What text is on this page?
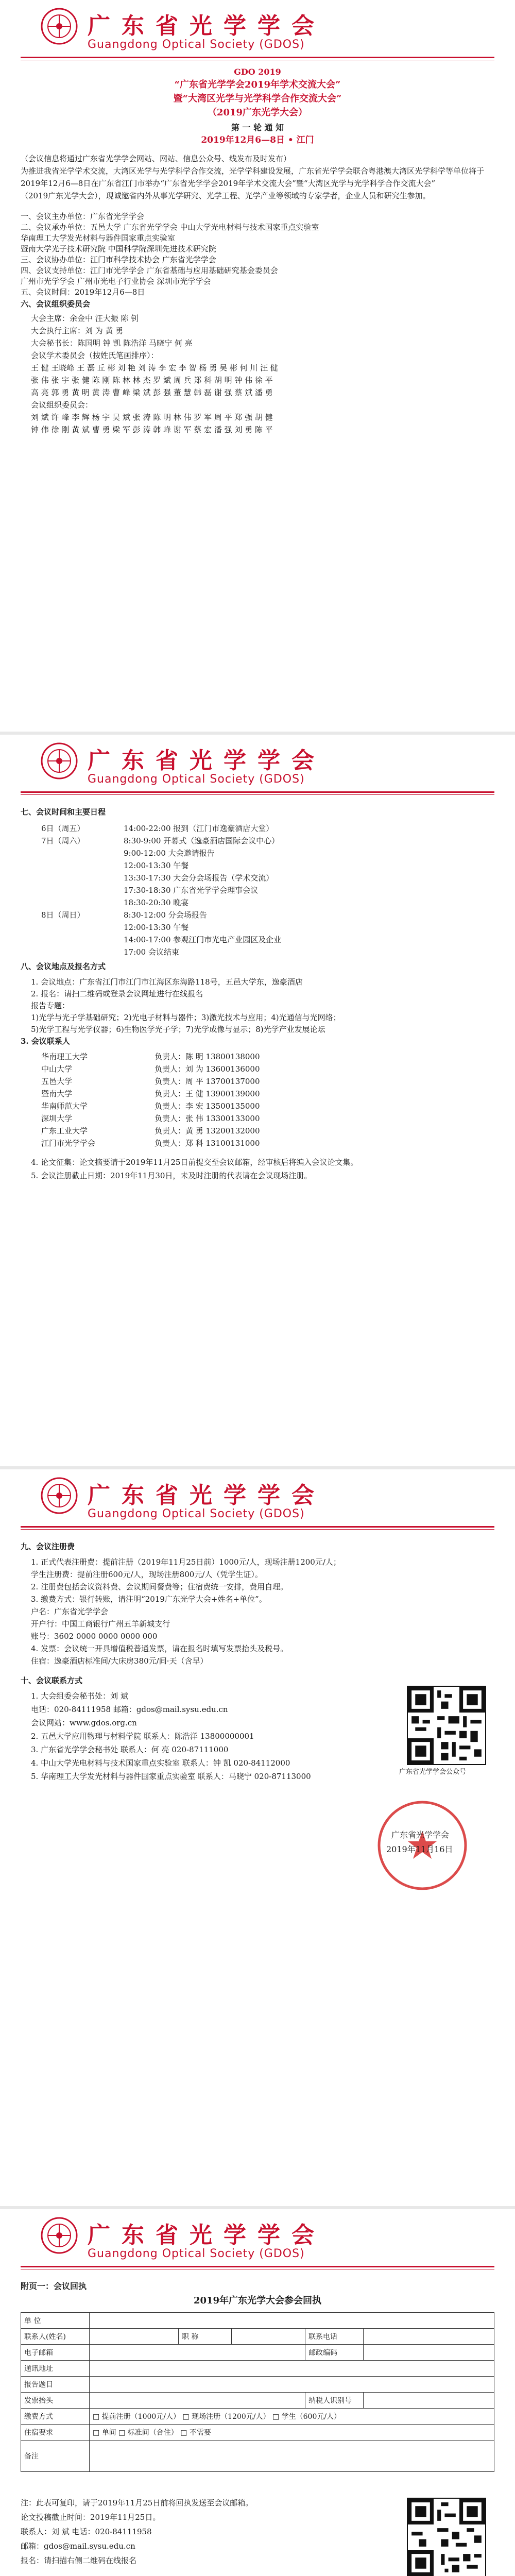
广东省光学学会
Guangdong Optical Society (GDOS)
GDO 2019
“广东省光学学会2019年学术交流大会”
暨“大湾区光学与光学科学合作交流大会”
（2019广东光学大会）
第 一 轮 通 知
2019年12月6—8日 • 江门
（会议信息将通过广东省光学学会网站、网站、信息公众号、线发布及时发布）
为推进我省光学学术交流，大湾区光学与光学科学合作交流，光学学科建设发展，广东省光学学会联合粤港澳大湾区光学科学等单位将于
2019年12月6—8日在广东省江门市举办“广东省光学学会2019年学术交流大会”暨“大湾区光学与光学科学合作交流大会”
（2019广东光学大会），现诚邀省内外从事光学研究、光学工程、光学产业等领域的专家学者，企业人员和研究生参加。
一、会议主办单位：广东省光学学会
二、会议承办单位：五邑大学 广东省光学学会 中山大学光电材料与技术国家重点实验室
华南理工大学发光材料与器件国家重点实验室
暨南大学光子技术研究院 中国科学院深圳先进技术研究院
三、会议协办单位：江门市科学技术协会 广东省光学学会
四、会议支持单位：江门市光学学会 广东省基础与应用基础研究基金委员会
广州市光学学会 广州市光电子行业协会 深圳市光学学会
五、会议时间：2019年12月6—8日
六、会议组织委员会
大会主席：余金中 汪大振 陈 钊
大会执行主席：刘 为 黄 勇
大会秘书长：陈国明 钟 凯 陈浩洋 马晓宁 何 亮
会议学术委员会（按姓氏笔画排序）：
王 健 王晓峰 王 磊 丘 彬 刘 艳 刘 涛 李 宏 李 智 杨 勇 吴 彬 何 川 汪 健
张 伟 张 宇 张 健 陈 刚 陈 林 林 杰 罗 斌 周 兵 郑 科 胡 明 钟 伟 徐 平
高 亮 郭 勇 黄 明 黄 涛 曹 峰 梁 斌 彭 强 董 慧 韩 磊 谢 强 蔡 斌 潘 勇
会议组织委员会：
刘 斌 许 峰 李 辉 杨 宇 吴 斌 张 涛 陈 明 林 伟 罗 军 周 平 郑 强 胡 健
钟 伟 徐 刚 黄 斌 曹 勇 梁 军 彭 涛 韩 峰 谢 军 蔡 宏 潘 强 刘 勇 陈 平
广东省光学学会
Guangdong Optical Society (GDOS)
七、会议时间和主要日程
6日（周五）	14:00-22:00 报到（江门市逸豪酒店大堂）
7日（周六）	8:30-9:00 开幕式（逸豪酒店国际会议中心）
9:00-12:00 大会邀请报告
12:00-13:30 午餐
13:30-17:30 大会分会场报告（学术交流）
17:30-18:30 广东省光学学会理事会议
18:30-20:30 晚宴
8日（周日）	8:30-12:00 分会场报告
12:00-13:30 午餐
14:00-17:00 参观江门市光电产业园区及企业
17:00 会议结束
八、会议地点及报名方式
1. 会议地点：广东省江门市江门市江海区东海路118号，五邑大学东，逸豪酒店
2. 报名：请扫二维码或登录会议网址进行在线报名
报告专题：
1)光学与光子学基础研究；2)光电子材料与器件；3)激光技术与应用；4)光通信与光网络；
5)光学工程与光学仪器；6)生物医学光子学；7)光学成像与显示；8)光学产业发展论坛
3. 会议联系人
华南理工大学	负责人：陈 明 13800138000
中山大学	负责人：刘 为 13600136000
五邑大学	负责人：周 平 13700137000
暨南大学	负责人：王 健 13900139000
华南师范大学	负责人：李 宏 13500135000
深圳大学	负责人：张 伟 13300133000
广东工业大学	负责人：黄 勇 13200132000
江门市光学学会	负责人：郑 科 13100131000
4. 论文征集：论文摘要请于2019年11月25日前提交至会议邮箱，经审核后将编入会议论文集。
5. 会议注册截止日期：2019年11月30日，未及时注册的代表请在会议现场注册。
广东省光学学会
Guangdong Optical Society (GDOS)
九、会议注册费
1. 正式代表注册费：提前注册（2019年11月25日前）1000元/人，现场注册1200元/人；
学生注册费：提前注册600元/人，现场注册800元/人（凭学生证）。
2. 注册费包括会议资料费、会议期间餐费等；住宿费统一安排，费用自理。
3. 缴费方式：银行转账，请注明“2019广东光学大会+姓名+单位”。
户名：广东省光学学会
开户行：中国工商银行广州五羊新城支行
账号：3602 0000 0000 0000 000
4. 发票：会议统一开具增值税普通发票，请在报名时填写发票抬头及税号。
住宿：逸豪酒店标准间/大床房380元/间·天（含早）
十、会议联系方式
1. 大会组委会秘书处：刘 斌
电话：020-84111958 邮箱：gdos@mail.sysu.edu.cn
会议网站：www.gdos.org.cn
2. 五邑大学应用物理与材料学院 联系人：陈浩洋 13800000001
3. 广东省光学学会秘书处 联系人：何 亮 020-87111000
4. 中山大学光电材料与技术国家重点实验室 联系人：钟 凯 020-84112000
5. 华南理工大学发光材料与器件国家重点实验室 联系人：马晓宁 020-87113000	广东省光学学会公众号
广东省光学学会
2019年11月16日
广东省光学学会
Guangdong Optical Society (GDOS)
附页一：会议回执
2019年广东光学大会参会回执
单 位					
联系人(姓名)		职 称		联系电话	
电子邮箱				邮政编码	
通讯地址					
报告题目					
发票抬头				纳税人识别号	
缴费方式	□ 提前注册（1000元/人） □ 现场注册（1200元/人） □ 学生（600元/人）				
住宿要求	□ 单间 □ 标准间（合住） □ 不需要				
备注					
注：此表可复印，请于2019年11月25日前将回执发送至会议邮箱。
论文投稿截止时间：2019年11月25日。
联系人：刘 斌 电话：020-84111958
邮箱：gdos@mail.sysu.edu.cn
报名：请扫描右侧二维码在线报名
